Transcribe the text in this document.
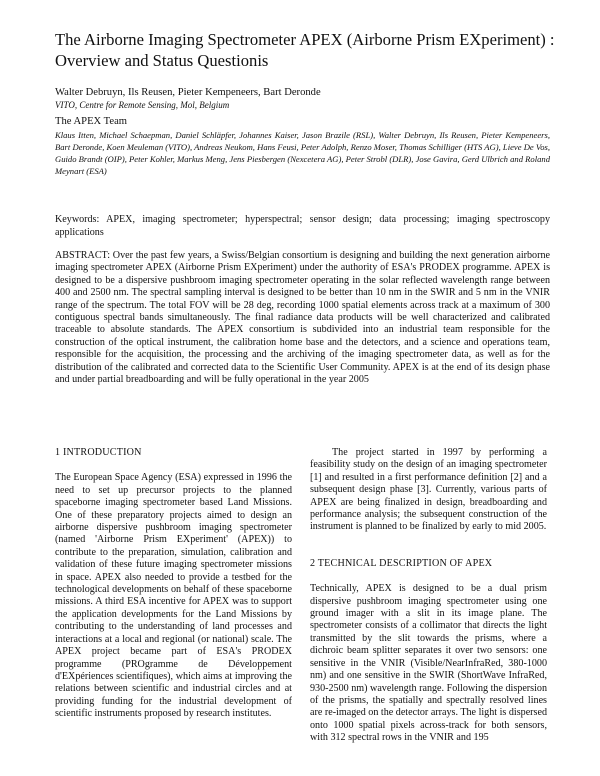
The Airborne Imaging Spectrometer APEX (Airborne Prism EXperiment) : Overview and Status Questionis
Walter Debruyn, Ils Reusen, Pieter Kempeneers, Bart Deronde
VITO, Centre for Remote Sensing, Mol, Belgium
The APEX Team
Klaus Itten, Michael Schaepman, Daniel Schläpfer, Johannes Kaiser, Jason Brazile (RSL), Walter Debruyn, Ils Reusen, Pieter Kempeneers, Bart Deronde, Koen Meuleman (VITO), Andreas Neukom, Hans Feusi, Peter Adolph, Renzo Moser, Thomas Schilliger (HTS AG), Lieve De Vos, Guido Brandt (OIP), Peter Kohler, Markus Meng, Jens Piesbergen (Nexcetera AG), Peter Strobl (DLR), Jose Gavira, Gerd Ulbrich and Roland Meynart (ESA)
Keywords: APEX, imaging spectrometer; hyperspectral; sensor design; data processing; imaging spectroscopy applications
ABSTRACT: Over the past few years, a Swiss/Belgian consortium is designing and building the next generation airborne imaging spectrometer APEX (Airborne Prism EXperiment) under the authority of ESA's PRODEX programme. APEX is designed to be a dispersive pushbroom imaging spectrometer operating in the solar reflected wavelength range between 400 and 2500 nm. The spectral sampling interval is designed to be better than 10 nm in the SWIR and 5 nm in the VNIR range of the spectrum. The total FOV will be 28 deg, recording 1000 spatial elements across track at a maximum of 300 contiguous spectral bands simultaneously. The final radiance data products will be well characterized and calibrated traceable to absolute standards. The APEX consortium is subdivided into an industrial team responsible for the construction of the optical instrument, the calibration home base and the detectors, and a science and operations team, responsible for the acquisition, the processing and the archiving of the imaging spectrometer data, as well as for the distribution of the calibrated and corrected data to the Scientific User Community. APEX is at the end of its design phase and under partial breadboarding and will be fully operational in the year 2005
1 INTRODUCTION

The European Space Agency (ESA) expressed in 1996 the need to set up precursor projects to the planned spaceborne imaging spectrometer based Land Missions. One of these preparatory projects aimed to design an airborne dispersive pushbroom imaging spectrometer (named 'Airborne Prism EXperiment' (APEX)) to contribute to the preparation, simulation, calibration and validation of these future imaging spectrometer missions in space. APEX also needed to provide a testbed for the technological developments on behalf of these spaceborne missions. A third ESA incentive for APEX was to support the application developments for the Land Missions by contributing to the understanding of land processes and interactions at a local and regional (or national) scale. The APEX project became part of ESA's PRODEX programme (PROgramme de Développement d'EXpériences scientifiques), which aims at improving the relations between scientific and industrial circles and at providing funding for the industrial development of scientific instruments proposed by research institutes.

The project started in 1997 by performing a feasibility study on the design of an imaging spectrometer [1] and resulted in a first performance definition [2] and a subsequent design phase [3]. Currently, various parts of APEX are being finalized in design, breadboarding and performance analysis; the subsequent construction of the instrument is planned to be finalized by early to mid 2005.

2 TECHNICAL DESCRIPTION OF APEX

Technically, APEX is designed to be a dual prism dispersive pushbroom imaging spectrometer using one ground imager with a slit in its image plane. The spectrometer consists of a collimator that directs the light transmitted by the slit towards the prisms, where a dichroic beam splitter separates it over two sensors: one sensitive in the VNIR (Visible/NearInfraRed, 380-1000 nm) and one sensitive in the SWIR (ShortWave InfraRed, 930-2500 nm) wavelength range. Following the dispersion of the prisms, the spatially and spectrally resolved lines are re-imaged on the detector arrays. The light is dispersed onto 1000 spatial pixels across-track for both sensors, with 312 spectral rows in the VNIR and 195
